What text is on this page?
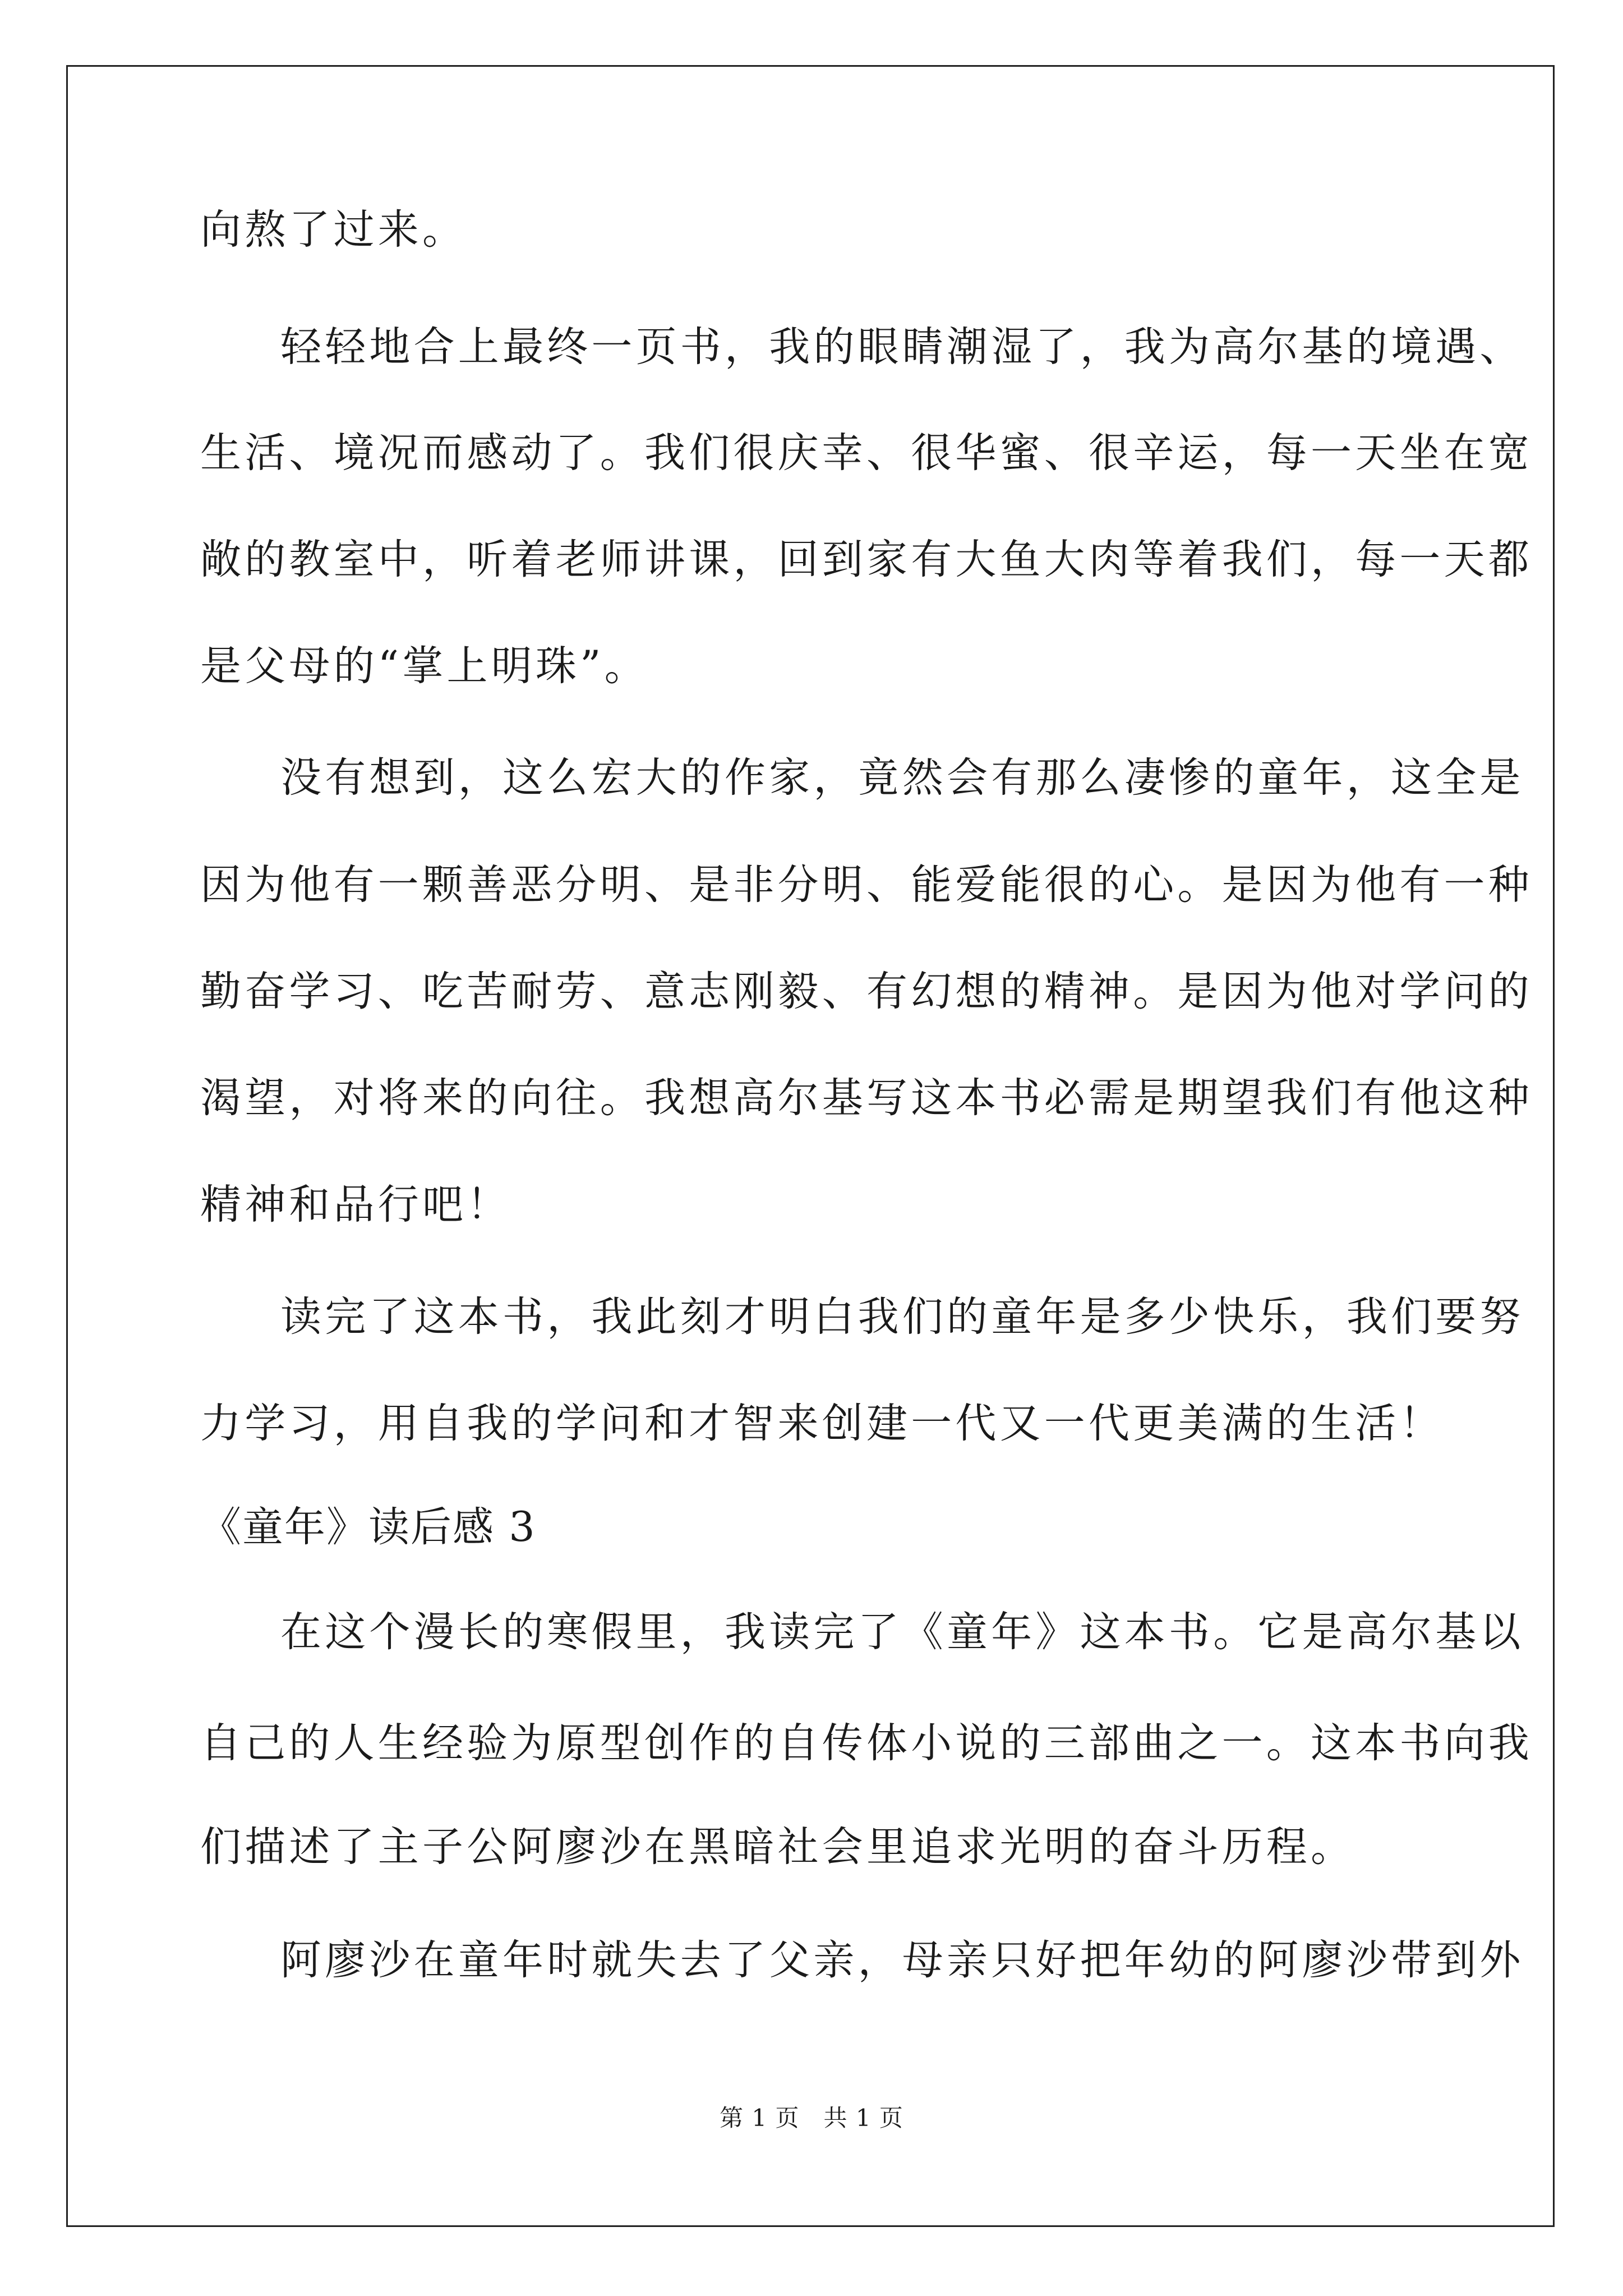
向熬了过来。
轻轻地合上最终一页书，我的眼睛潮湿了，我为高尔基的境遇、
生活、境况而感动了。我们很庆幸、很华蜜、很辛运，每一天坐在宽
敞的教室中，听着老师讲课，回到家有大鱼大肉等着我们，每一天都
是父母的“掌上明珠”。
没有想到，这么宏大的作家，竟然会有那么凄惨的童年，这全是
因为他有一颗善恶分明、是非分明、能爱能很的心。是因为他有一种
勤奋学习、吃苦耐劳、意志刚毅、有幻想的精神。是因为他对学问的
渴望，对将来的向往。我想高尔基写这本书必需是期望我们有他这种
精神和品行吧！
读完了这本书，我此刻才明白我们的童年是多少快乐，我们要努
力学习，用自我的学问和才智来创建一代又一代更美满的生活！
《童年》读后感 3
在这个漫长的寒假里，我读完了《童年》这本书。它是高尔基以
自己的人生经验为原型创作的自传体小说的三部曲之一。这本书向我
们描述了主子公阿廖沙在黑暗社会里追求光明的奋斗历程。
阿廖沙在童年时就失去了父亲，母亲只好把年幼的阿廖沙带到外
第 1 页　共 1 页
